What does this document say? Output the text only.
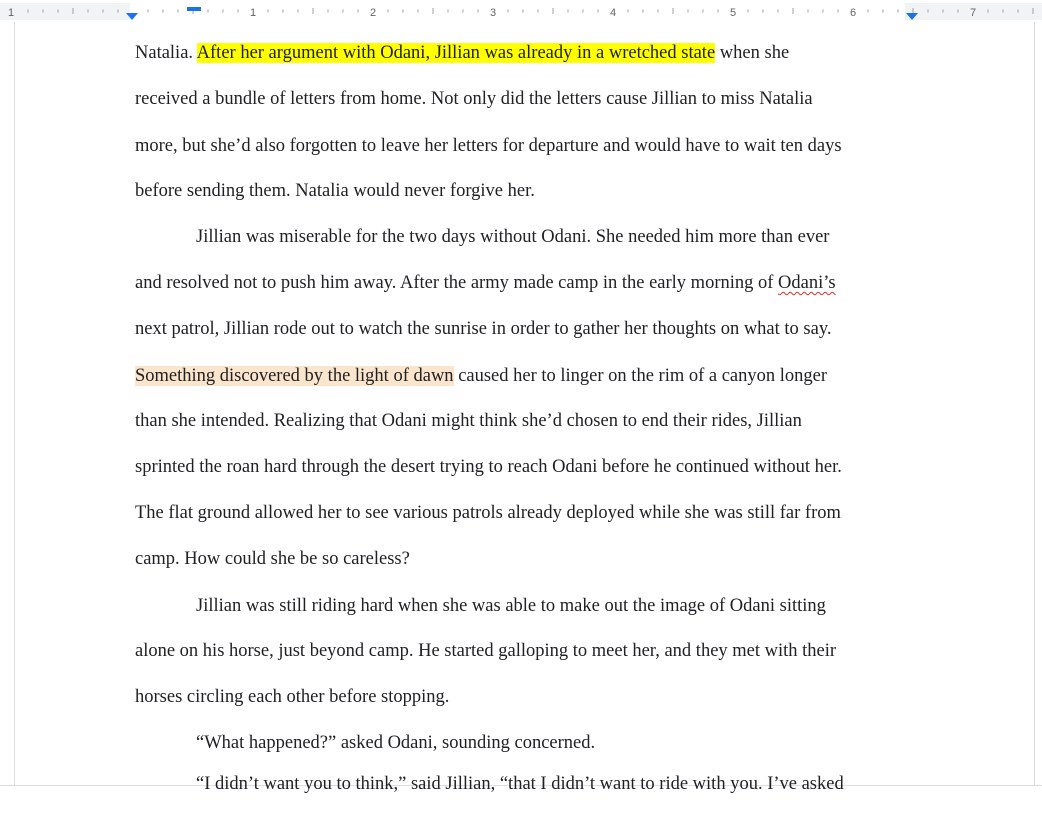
1	1	2	3	4	5	6	7
Natalia. After her argument with Odani, Jillian was already in a wretched state when she
received a bundle of letters from home. Not only did the letters cause Jillian to miss Natalia
more, but she’d also forgotten to leave her letters for departure and would have to wait ten days
before sending them. Natalia would never forgive her.
Jillian was miserable for the two days without Odani. She needed him more than ever
and resolved not to push him away. After the army made camp in the early morning of Odani’s
next patrol, Jillian rode out to watch the sunrise in order to gather her thoughts on what to say.
Something discovered by the light of dawn caused her to linger on the rim of a canyon longer
than she intended. Realizing that Odani might think she’d chosen to end their rides, Jillian
sprinted the roan hard through the desert trying to reach Odani before he continued without her.
The flat ground allowed her to see various patrols already deployed while she was still far from
camp. How could she be so careless?
Jillian was still riding hard when she was able to make out the image of Odani sitting
alone on his horse, just beyond camp. He started galloping to meet her, and they met with their
horses circling each other before stopping.
“What happened?” asked Odani, sounding concerned.
“I didn’t want you to think,” said Jillian, “that I didn’t want to ride with you. I’ve asked
